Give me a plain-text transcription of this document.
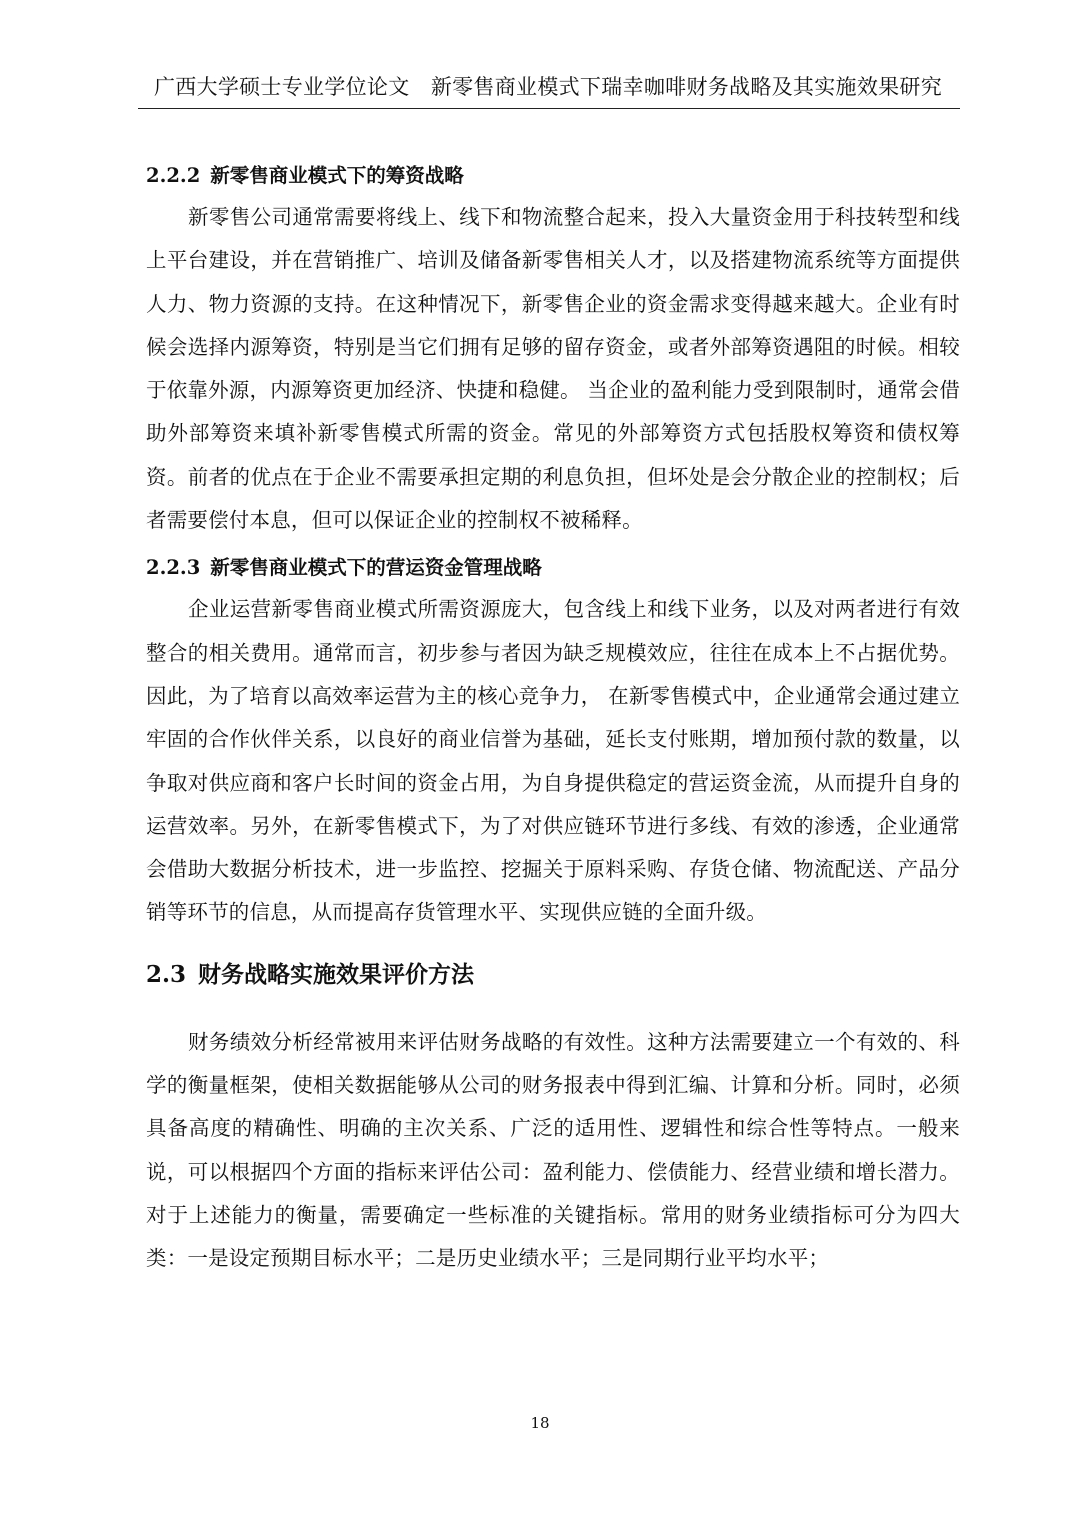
广西大学硕士专业学位论文　新零售商业模式下瑞幸咖啡财务战略及其实施效果研究
2.2.2 新零售商业模式下的筹资战略

新零售公司通常需要将线上、线下和物流整合起来，投入大量资金用于科技转型和线上平台建设，并在营销推广、培训及储备新零售相关人才，以及搭建物流系统等方面提供人力、物力资源的支持。在这种情况下，新零售企业的资金需求变得越来越大。企业有时候会选择内源筹资，特别是当它们拥有足够的留存资金，或者外部筹资遇阻的时候。相较于依靠外源，内源筹资更加经济、快捷和稳健。 当企业的盈利能力受到限制时，通常会借助外部筹资来填补新零售模式所需的资金。常见的外部筹资方式包括股权筹资和债权筹资。前者的优点在于企业不需要承担定期的利息负担，但坏处是会分散企业的控制权；后者需要偿付本息，但可以保证企业的控制权不被稀释。

2.2.3 新零售商业模式下的营运资金管理战略

企业运营新零售商业模式所需资源庞大，包含线上和线下业务，以及对两者进行有效整合的相关费用。通常而言，初步参与者因为缺乏规模效应，往往在成本上不占据优势。因此，为了培育以高效率运营为主的核心竞争力， 在新零售模式中，企业通常会通过建立牢固的合作伙伴关系，以良好的商业信誉为基础，延长支付账期，增加预付款的数量，以争取对供应商和客户长时间的资金占用，为自身提供稳定的营运资金流，从而提升自身的运营效率。另外，在新零售模式下，为了对供应链环节进行多线、有效的渗透，企业通常会借助大数据分析技术，进一步监控、挖掘关于原料采购、存货仓储、物流配送、产品分销等环节的信息，从而提高存货管理水平、实现供应链的全面升级。

2.3 财务战略实施效果评价方法

财务绩效分析经常被用来评估财务战略的有效性。这种方法需要建立一个有效的、科学的衡量框架，使相关数据能够从公司的财务报表中得到汇编、计算和分析。同时，必须具备高度的精确性、明确的主次关系、广泛的适用性、逻辑性和综合性等特点。一般来说，可以根据四个方面的指标来评估公司：盈利能力、偿债能力、经营业绩和增长潜力。对于上述能力的衡量，需要确定一些标准的关键指标。常用的财务业绩指标可分为四大类：一是设定预期目标水平；二是历史业绩水平；三是同期行业平均水平；

18
